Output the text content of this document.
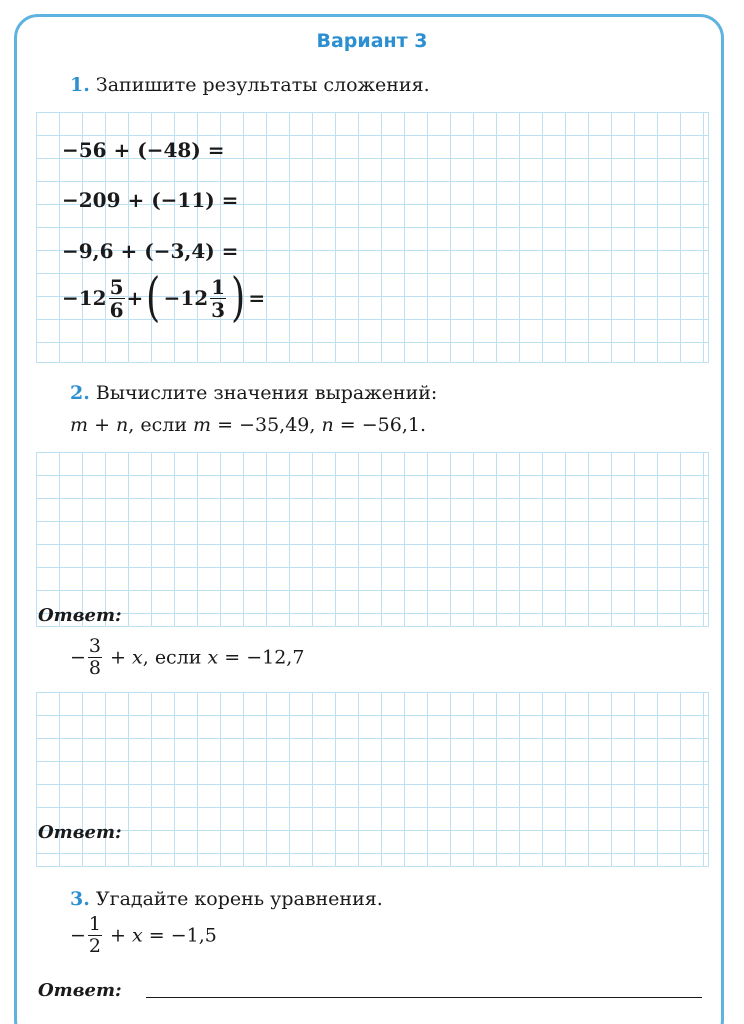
Вариант 3
1. Запишите результаты сложения.
−56 + (−48) =
−209 + (−11) =
−9,6 + (−3,4) =
$-12 \frac{5}{6}$ +( $-12 \frac{1}{3}$ ) =
2. Вычислите значения выражений:
m + n, если m = −35,49, n = −56,1.
Ответ:
− $\frac{3}{8} + x$, если x = −12,7
Ответ:
3. Угадайте корень уравнения.
− $\frac{1}{2} + x = -1,5$
Ответ:
